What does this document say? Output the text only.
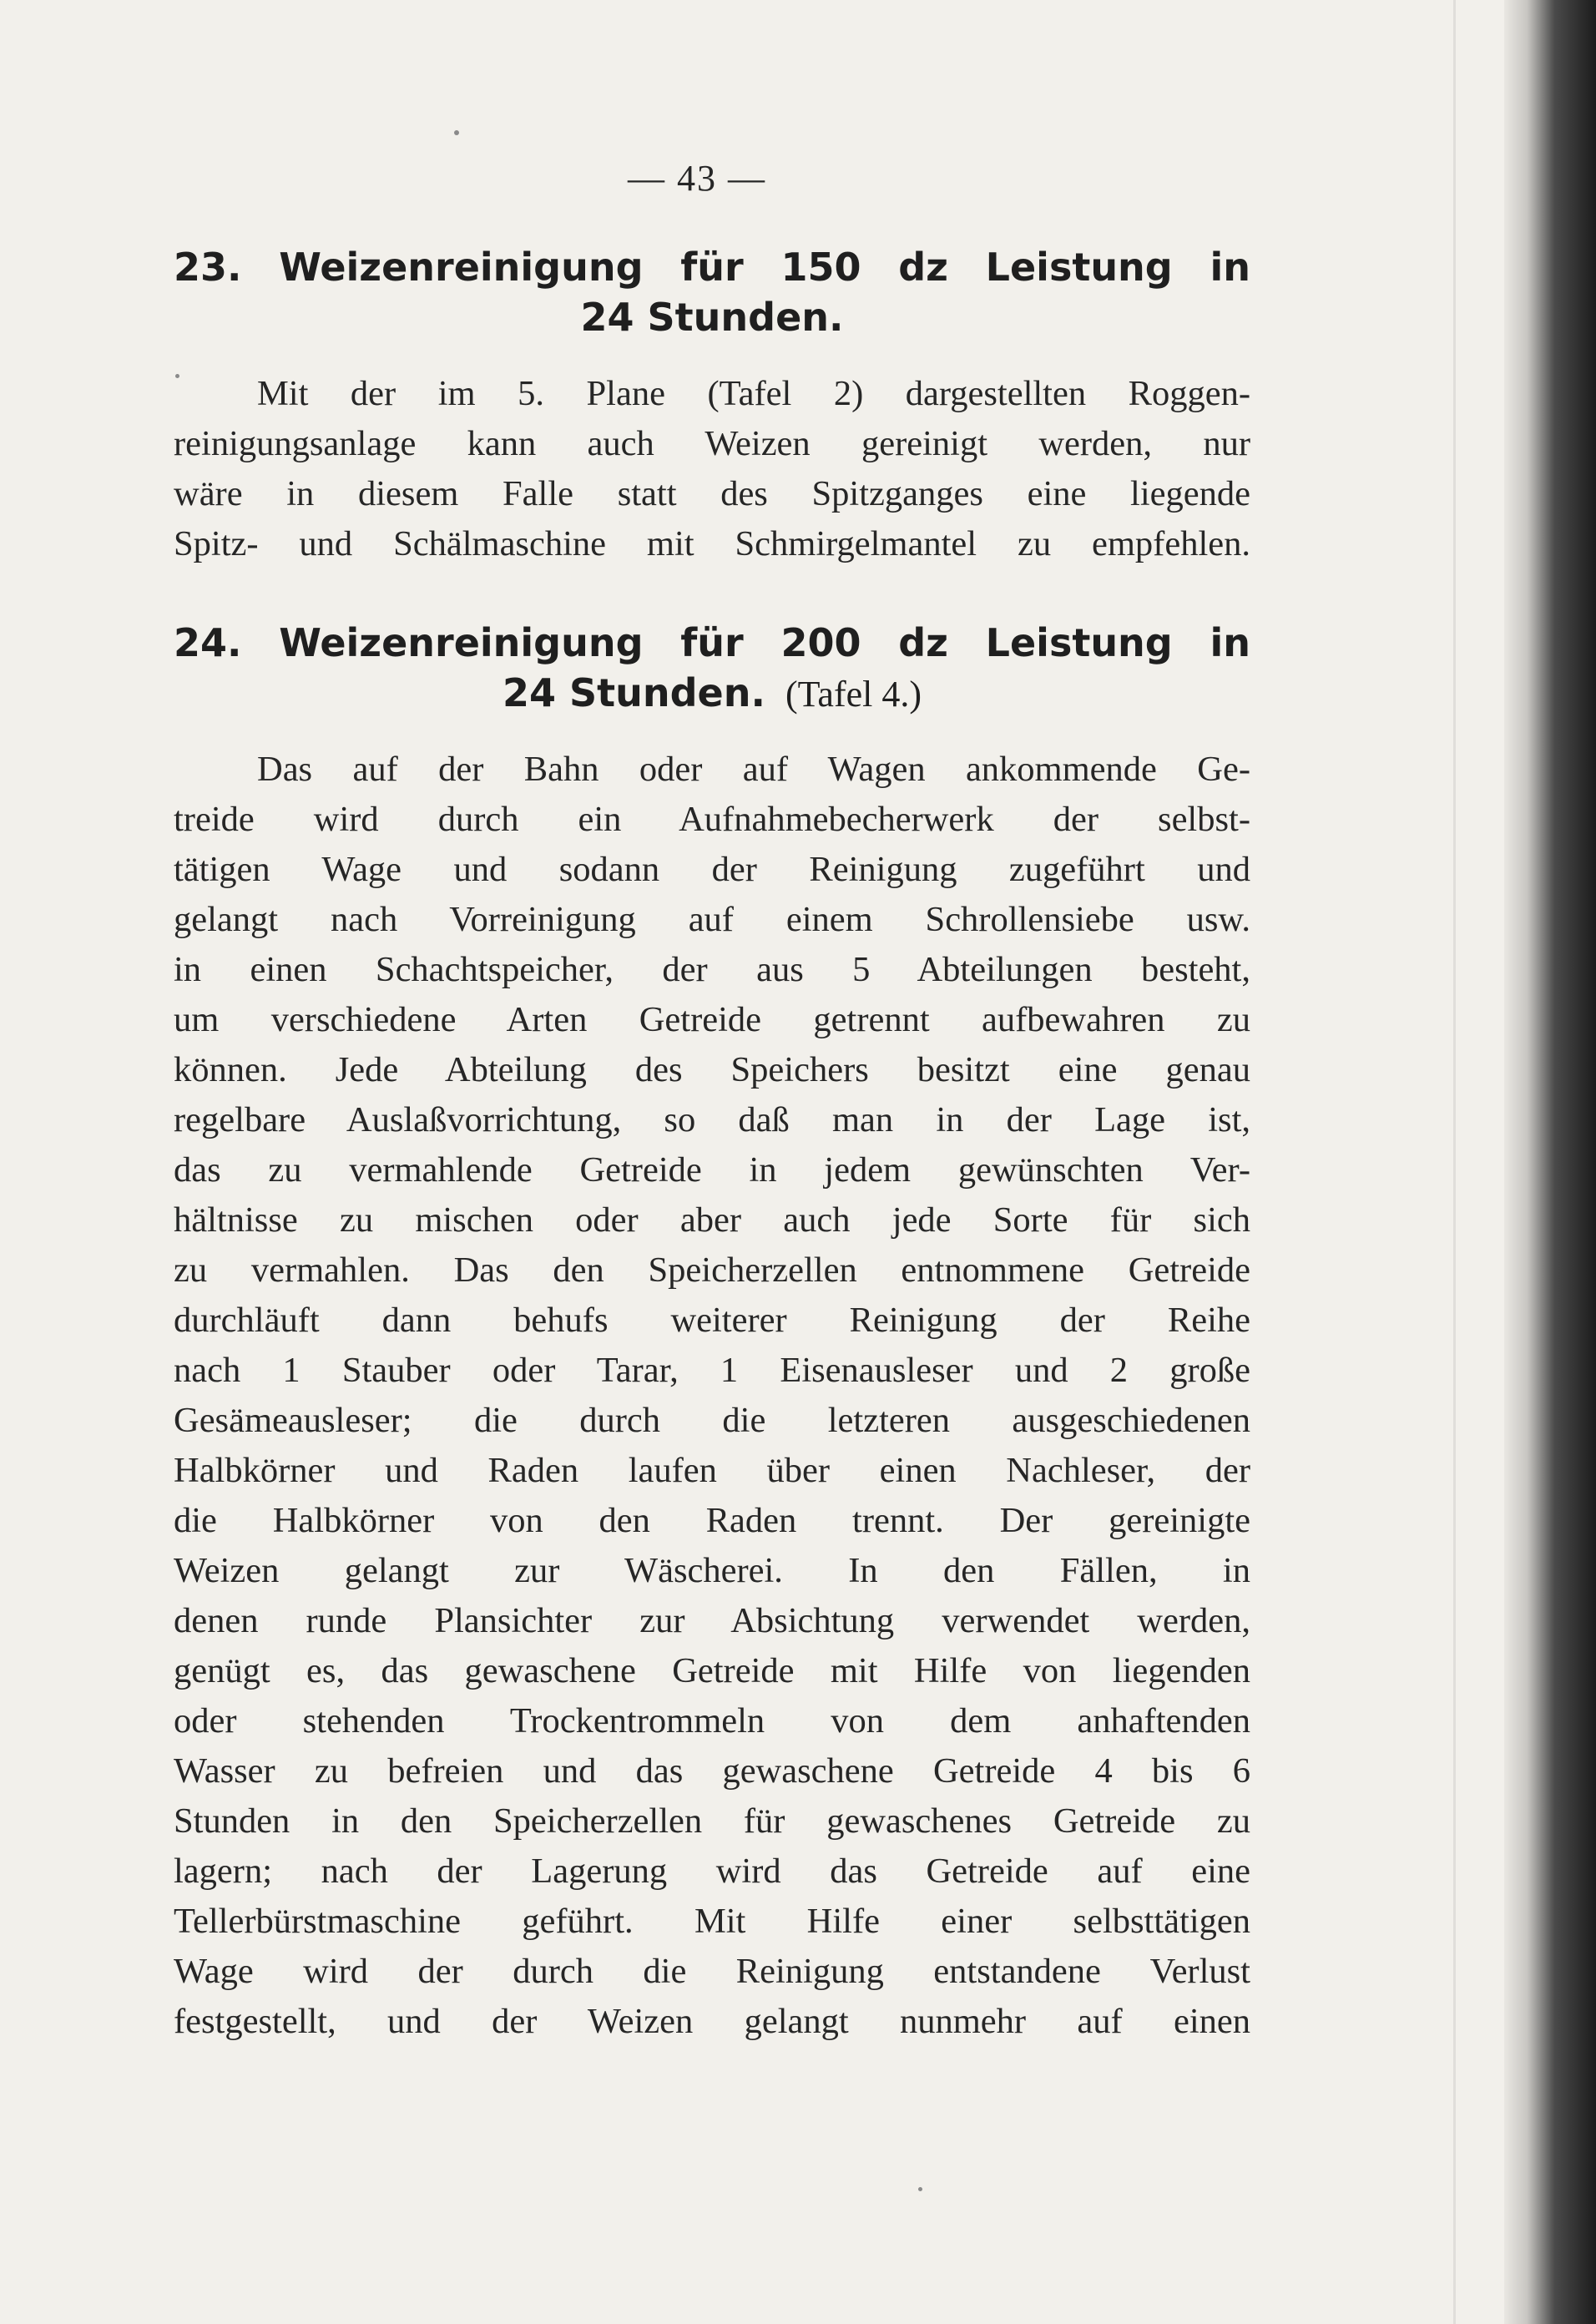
— 43 —
23. Weizenreinigung für 150 dz Leistung in
24 Stunden.
Mit der im 5. Plane (Tafel 2) dargestellten Roggen-
reinigungsanlage kann auch Weizen gereinigt werden, nur
wäre in diesem Falle statt des Spitzganges eine liegende
Spitz- und Schälmaschine mit Schmirgelmantel zu empfehlen.
24. Weizenreinigung für 200 dz Leistung in
24 Stunden. (Tafel 4.)
Das auf der Bahn oder auf Wagen ankommende Ge-
treide wird durch ein Aufnahmebecherwerk der selbst-
tätigen Wage und sodann der Reinigung zugeführt und
gelangt nach Vorreinigung auf einem Schrollensiebe usw.
in einen Schachtspeicher, der aus 5 Abteilungen besteht,
um verschiedene Arten Getreide getrennt aufbewahren zu
können. Jede Abteilung des Speichers besitzt eine genau
regelbare Auslaßvorrichtung, so daß man in der Lage ist,
das zu vermahlende Getreide in jedem gewünschten Ver-
hältnisse zu mischen oder aber auch jede Sorte für sich
zu vermahlen. Das den Speicherzellen entnommene Getreide
durchläuft dann behufs weiterer Reinigung der Reihe
nach 1 Stauber oder Tarar, 1 Eisenausleser und 2 große
Gesämeausleser; die durch die letzteren ausgeschiedenen
Halbkörner und Raden laufen über einen Nachleser, der
die Halbkörner von den Raden trennt. Der gereinigte
Weizen gelangt zur Wäscherei. In den Fällen, in
denen runde Plansichter zur Absichtung verwendet werden,
genügt es, das gewaschene Getreide mit Hilfe von liegenden
oder stehenden Trockentrommeln von dem anhaftenden
Wasser zu befreien und das gewaschene Getreide 4 bis 6
Stunden in den Speicherzellen für gewaschenes Getreide zu
lagern; nach der Lagerung wird das Getreide auf eine
Tellerbürstmaschine geführt. Mit Hilfe einer selbsttätigen
Wage wird der durch die Reinigung entstandene Verlust
festgestellt, und der Weizen gelangt nunmehr auf einen
